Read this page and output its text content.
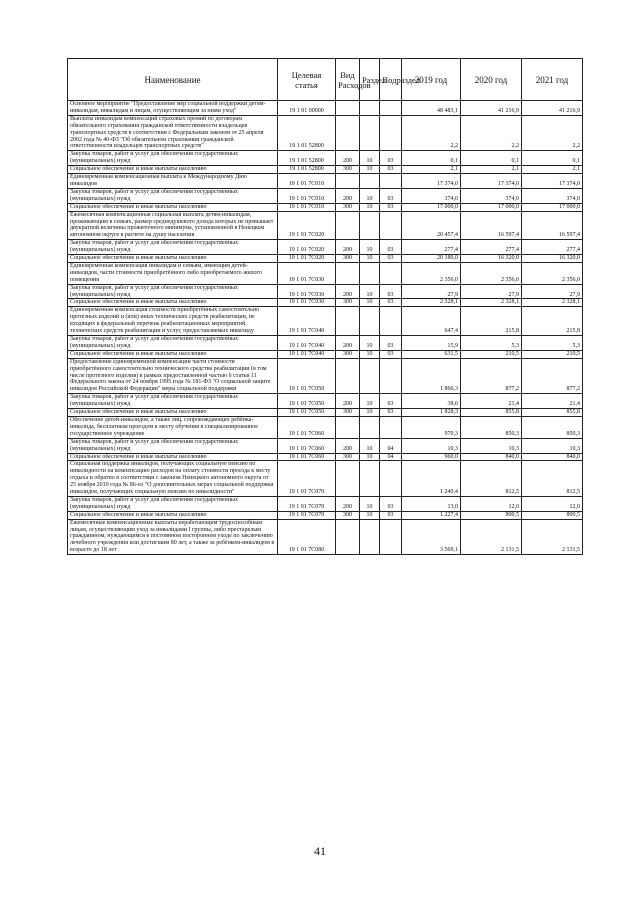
Наименование	Целевая статья	Вид Расходов	Раздел	Подраздел	2019 год	2020 год	2021 год
Основное мероприятие "Предоставление мер социальной поддержки детям-инвалидам, инвалидам и лицам, осуществляющим за ними уход"	19 1 01 00000				48 483,1	41 216,9	41 216,9
Выплаты инвалидам компенсаций страховых премий по договорам обязательного страхования гражданской ответственности владельцев транспортных средств в соответствии с Федеральным законом от 25 апреля 2002 года № 40-ФЗ "Об обязательном страховании гражданской ответственности владельцев транспортных средств"	19 1 01 52800				2,2	2,2	2,2
Закупка товаров, работ и услуг для обеспечения государственных (муниципальных) нужд	19 1 01 52800	200	10	03	0,1	0,1	0,1
Социальное обеспечение и иные выплаты населению	19 1 01 52800	300	10	03	2,1	2,1	2,1
Единовременная компенсационная выплата к Международному Дню инвалидов	19 1 01 7С010				17 374,0	17 374,0	17 374,0
Закупка товаров, работ и услуг для обеспечения государственных (муниципальных) нужд	19 1 01 7С010	200	10	03	374,0	374,0	374,0
Социальное обеспечение и иные выплаты населению	19 1 01 7С010	300	10	03	17 000,0	17 000,0	17 000,0
Ежемесячная компенсационная социальная выплата детям-инвалидам, проживающим в семьях, размер среднедушевого дохода которых не превышает двукратной величины прожиточного минимума, установленной в Ненецком автономном округе в расчете на душу населения	19 1 01 7С020				20 457,4	16 597,4	16 597,4
Закупка товаров, работ и услуг для обеспечения государственных (муниципальных) нужд	19 1 01 7С020	200	10	03	277,4	277,4	277,4
Социальное обеспечение и иные выплаты населению	19 1 01 7С020	300	10	03	20 180,0	16 320,0	16 320,0
Единовременная компенсация инвалидам и семьям, имеющим детей-инвалидов, части стоимости приобретённого либо приобретаемого жилого помещения	19 1 01 7С030				2 356,0	2 356,0	2 356,0
Закупка товаров, работ и услуг для обеспечения государственных (муниципальных) нужд	19 1 01 7С030	200	10	03	27,9	27,9	27,9
Социальное обеспечение и иные выплаты населению	19 1 01 7С030	300	10	03	2 328,1	2 328,1	2 328,1
Единовременная компенсация стоимости приобретённых самостоятельно протезных изделий и (или) иных технических средств реабилитации, не входящих в федеральный перечень реабилитационных мероприятий, технических средств реабилитации и услуг, предоставляемых инвалиду	19 1 01 7С040				647,4	215,8	215,8
Закупка товаров, работ и услуг для обеспечения государственных (муниципальных) нужд	19 1 01 7С040	200	10	03	15,9	5,3	5,3
Социальное обеспечение и иные выплаты населению	19 1 01 7С040	300	10	03	631,5	210,5	210,5
Предоставление единовременной компенсации части стоимости приобретённого самостоятельно технического средства реабилитации (в том числе протезного изделия) в рамках предоставленной частью 6 статьи 11 Федерального закона от 24 ноября 1995 года № 181-ФЗ "О социальной защите инвалидов Российской Федерации" меры социальной поддержки	19 1 01 7С050				1 866,3	877,2	877,2
Закупка товаров, работ и услуг для обеспечения государственных (муниципальных) нужд	19 1 01 7С050	200	10	03	38,0	21,4	21,4
Социальное обеспечение и иные выплаты населению	19 1 01 7С050	300	10	03	1 828,3	855,8	855,8
Обеспечение детей-инвалидов, а также лиц, сопровождающих ребёнка-инвалида, бесплатным проездом к месту обучения в специализированное государственное учреждение	19 1 01 7С060				970,3	850,3	850,3
Закупка товаров, работ и услуг для обеспечения государственных (муниципальных) нужд	19 1 01 7С060	200	10	04	10,3	10,3	10,3
Социальное обеспечение и иные выплаты населению	19 1 01 7С060	300	10	04	960,0	840,0	840,0
Социальная поддержка инвалидов, получающих социальную пенсию по инвалидности на компенсацию расходов на оплату стоимости проезда к месту отдыха и обратно в соответствии с законом Ненецкого автономного округа от 25 ноября 2010 года № 86-оз "О дополнительных мерах социальной поддержки инвалидов, получающих социальную пенсию по инвалидности"	19 1 01 7С070				1 240,4	812,5	812,5
Закупка товаров, работ и услуг для обеспечения государственных (муниципальных) нужд	19 1 01 7С070	200	10	03	13,0	12,0	12,0
Социальное обеспечение и иные выплаты населению	19 1 01 7С070	300	10	03	1 227,4	800,5	800,5
Ежемесячные компенсационные выплаты неработающим трудоспособным лицам, осуществляющим уход за инвалидами I группы, либо престарелым гражданином, нуждающимся в постоянном постороннем уходе по заключению лечебного учреждения или достигшим 80 лет, а также за ребёнком-инвалидом в возрасте до 18 лет	19 1 01 7С080				3 569,1	2 131,5	2 131,5
41
